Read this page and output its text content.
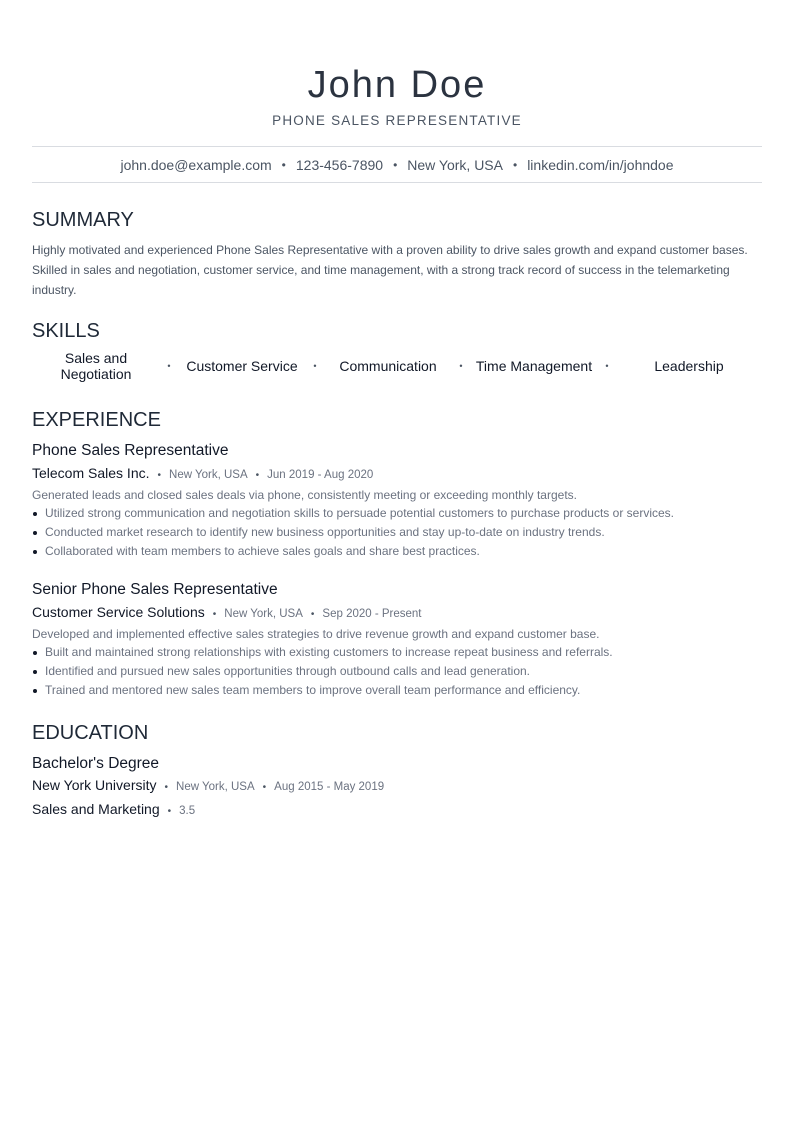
John Doe
PHONE SALES REPRESENTATIVE
john.doe@example.com • 123-456-7890 • New York, USA • linkedin.com/in/johndoe
SUMMARY
Highly motivated and experienced Phone Sales Representative with a proven ability to drive sales growth and expand customer bases. Skilled in sales and negotiation, customer service, and time management, with a strong track record of success in the telemarketing industry.
SKILLS
Sales and Negotiation	•	Customer Service	•	Communication	• Time Management	•	Leadership
EXPERIENCE
Phone Sales Representative
Telecom Sales Inc. • New York, USA • Jun 2019 - Aug 2020
Generated leads and closed sales deals via phone, consistently meeting or exceeding monthly targets.
Utilized strong communication and negotiation skills to persuade potential customers to purchase products or services.
Conducted market research to identify new business opportunities and stay up-to-date on industry trends.
Collaborated with team members to achieve sales goals and share best practices.
Senior Phone Sales Representative
Customer Service Solutions • New York, USA • Sep 2020 - Present
Developed and implemented effective sales strategies to drive revenue growth and expand customer base.
Built and maintained strong relationships with existing customers to increase repeat business and referrals.
Identified and pursued new sales opportunities through outbound calls and lead generation.
Trained and mentored new sales team members to improve overall team performance and efficiency.
EDUCATION
Bachelor's Degree
New York University • New York, USA • Aug 2015 - May 2019
Sales and Marketing • 3.5
